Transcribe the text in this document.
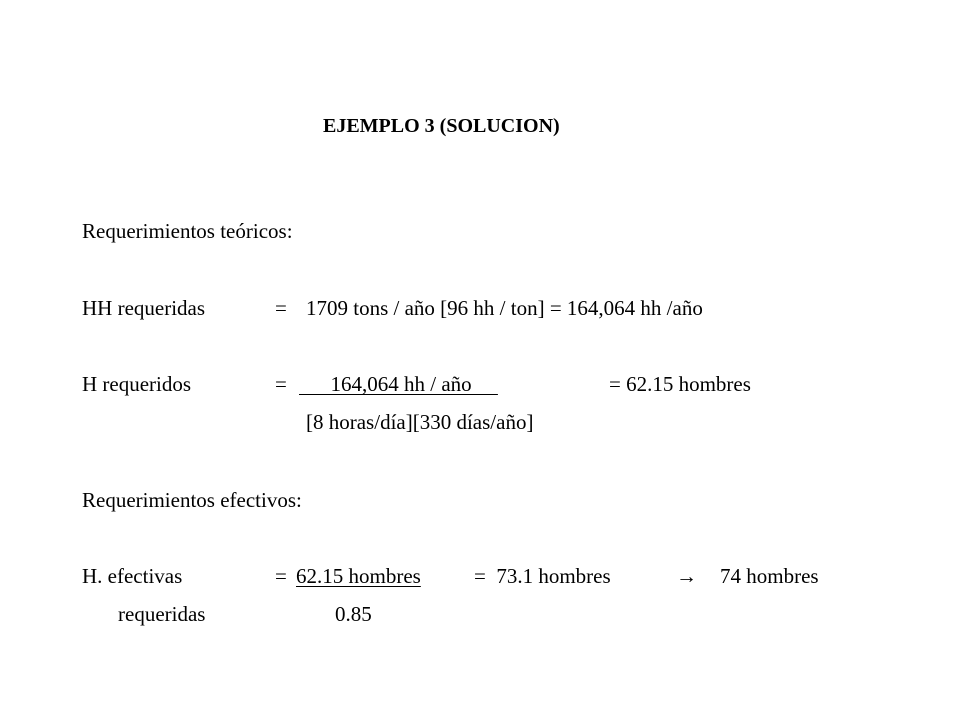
EJEMPLO 3 (SOLUCION)
Requerimientos teóricos:
HH requeridas	= 1709 tons / año [96 hh / ton] = 164,064 hh /año
H requeridos	= 164,064 hh / año	= 62.15 hombres
[8 horas/día][330 días/año]
Requerimientos efectivos:
H. efectivas	= 62.15 hombres	=  73.1 hombres	→ 74 hombres
requeridas	0.85
